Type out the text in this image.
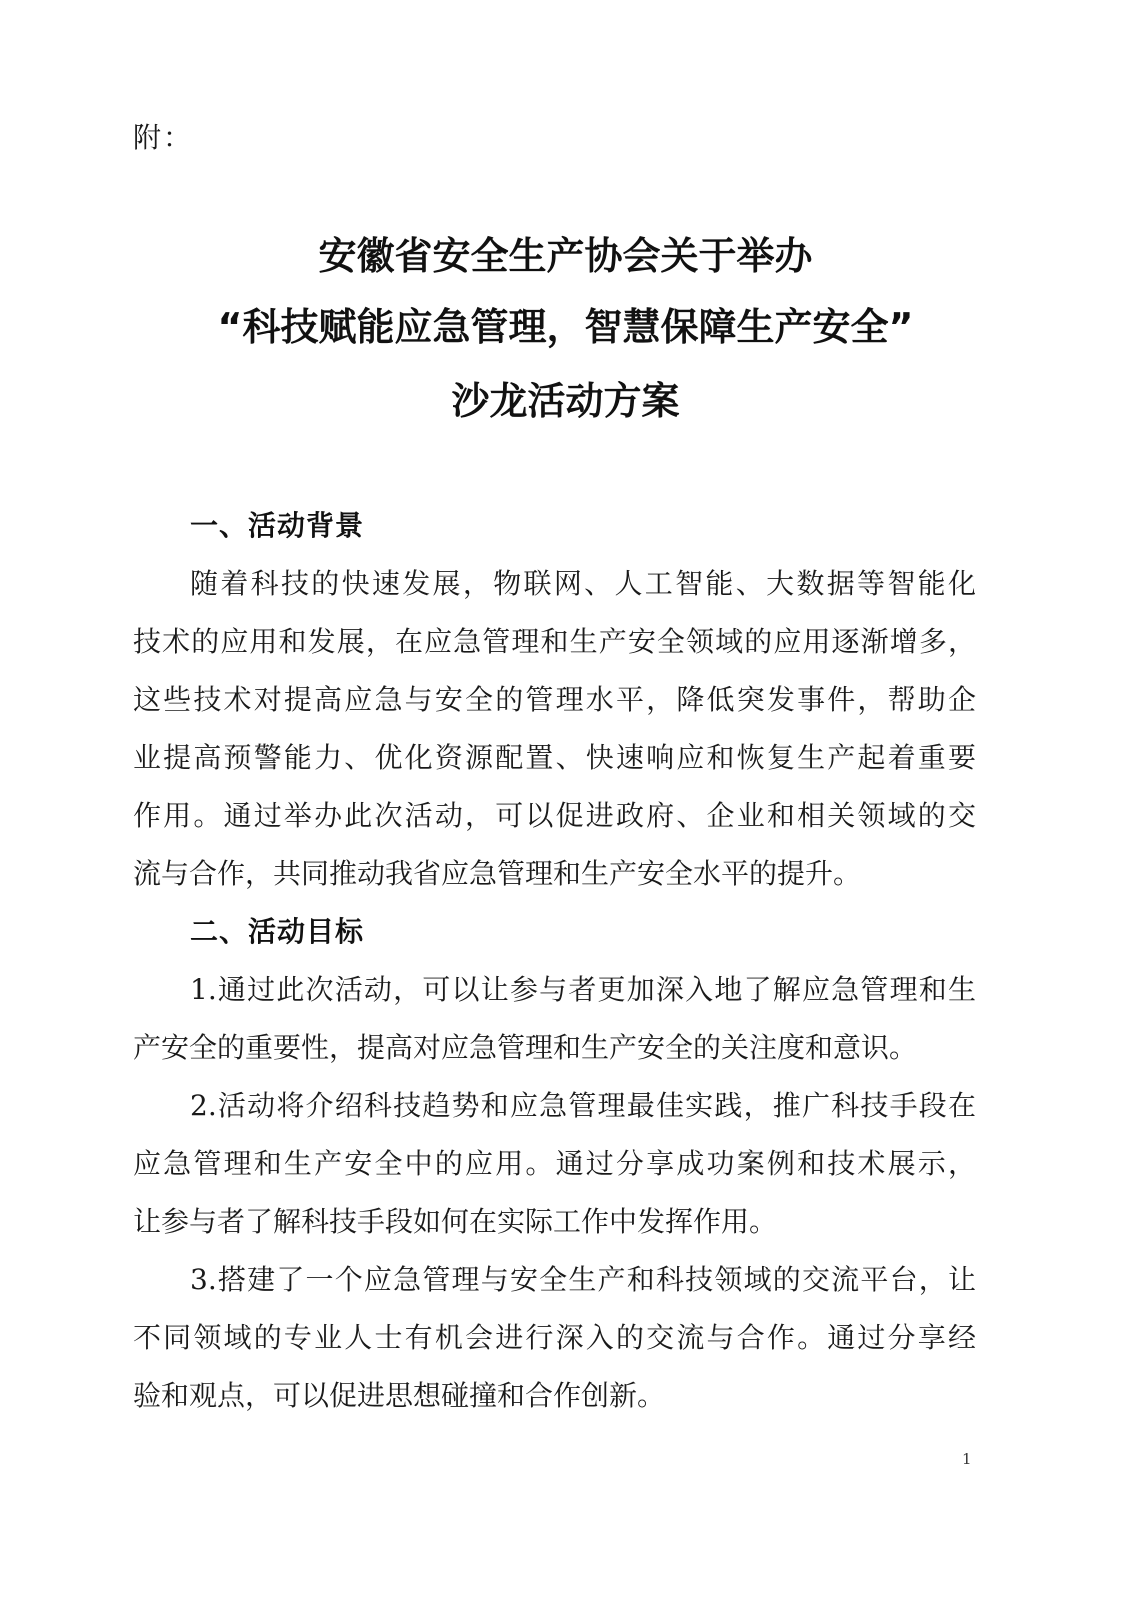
附：
安徽省安全生产协会关于举办
“科技赋能应急管理，智慧保障生产安全”
沙龙活动方案
一、活动背景
随着科技的快速发展，物联网、人工智能、大数据等智能化
技术的应用和发展，在应急管理和生产安全领域的应用逐渐增多，
这些技术对提高应急与安全的管理水平，降低突发事件，帮助企
业提高预警能力、优化资源配置、快速响应和恢复生产起着重要
作用。通过举办此次活动，可以促进政府、企业和相关领域的交
流与合作，共同推动我省应急管理和生产安全水平的提升。
二、活动目标
1.通过此次活动，可以让参与者更加深入地了解应急管理和生
产安全的重要性，提高对应急管理和生产安全的关注度和意识。
2.活动将介绍科技趋势和应急管理最佳实践，推广科技手段在
应急管理和生产安全中的应用。通过分享成功案例和技术展示，
让参与者了解科技手段如何在实际工作中发挥作用。
3.搭建了一个应急管理与安全生产和科技领域的交流平台，让
不同领域的专业人士有机会进行深入的交流与合作。通过分享经
验和观点，可以促进思想碰撞和合作创新。
1
